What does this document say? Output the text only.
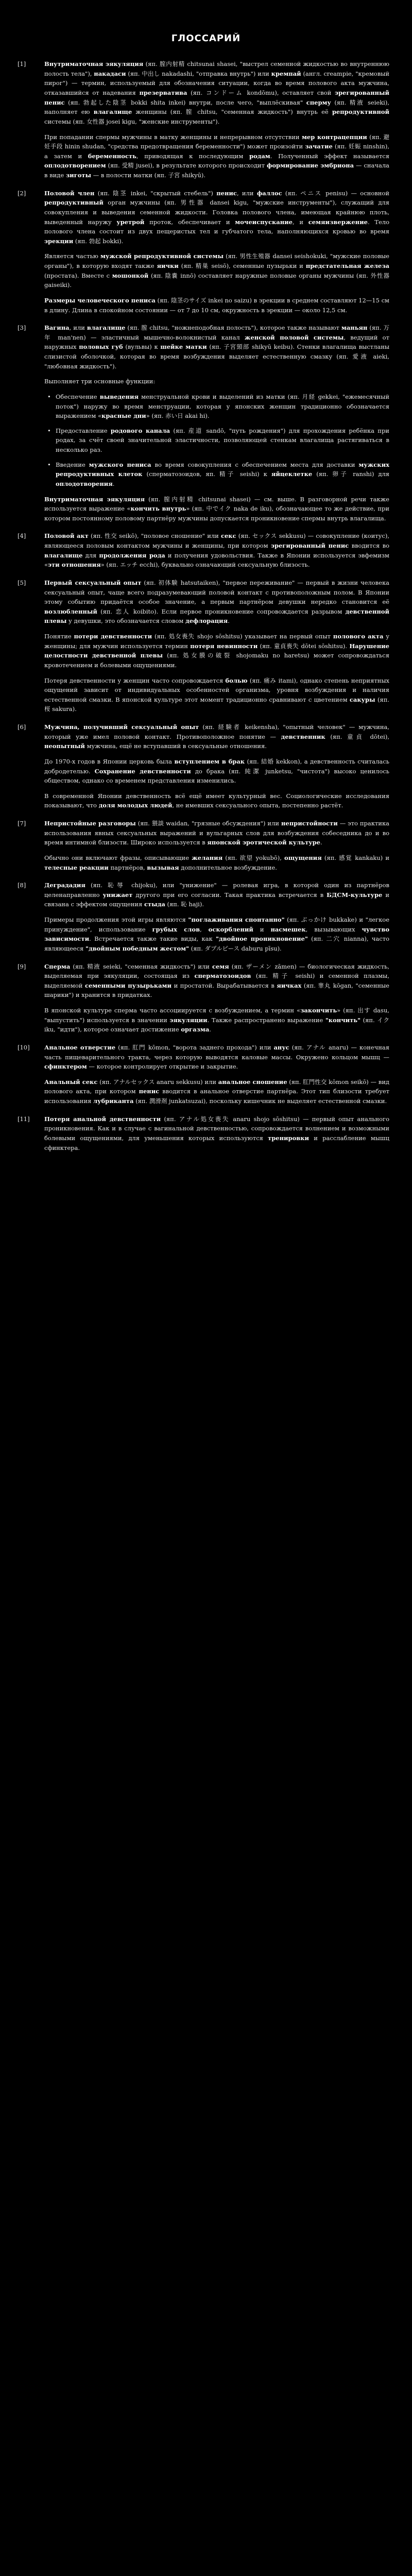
ГЛОССАРИЙ
[1]	Внутриматочная эякуляция (яп. 膣内射精 chitsunai shasei, "выстрел семенной жидкостью во внутреннюю полость тела"), накадаси (яп. 中出し nakadashi, "отправка внутрь") или кремпай (англ. creampie, "кремовый пирог") — термин, используемый для обозначения ситуации, когда во время полового акта мужчина, отказавшийся от надевания презерватива (яп. コンドーム kondōmu), оставляет свой эрегированный пенис (яп. 勃起した陰茎 bokki shita inkei) внутри, после чего, "выплёскивая" сперму (яп. 精液 seieki), наполняет ею влагалище женщины (яп. 膣 chitsu, "семенная жидкость") внутрь её репродуктивной системы (яп. 女性器 josei kigu, "женские инструменты").

При попадании спермы мужчины в матку женщины и непрерывном отсутствии мер контрацепции (яп. 避妊手段 hinin shudan, "средства предотвращения беременности") может произойти зачатие (яп. 妊娠 ninshin), а затем и беременность, приводящая к последующим родам. Полученный эффект называется оплодотворением (яп. 受精 jusei), в результате которого происходит формирование эмбриона — сначала в виде зиготы — в полости матки (яп. 子宮 shikyū).

[2]	Половой член (яп. 陰茎 inkei, "скрытый стебель") пенис, или фаллос (яп. ペニス penisu) — основной репродуктивный орган мужчины (яп. 男性器 dansei kigu, "мужские инструменты"), служащий для совокупления и выведения семенной жидкости. Головка полового члена, имеющая крайнюю плоть, выведенный наружу уретрой проток, обеспечивает и мочеиспускание, и семяизвержение. Тело полового члена состоит из двух пещеристых тел и губчатого тела, наполняющихся кровью во время эрекции (яп. 勃起 bokki).

Является частью мужской репродуктивной системы (яп. 男性生殖器 dansei seishokuki, "мужские половые органы"), в которую входят также яички (яп. 精巣 seisō), семенные пузырьки и предстательная железа (простата). Вместе с мошонкой (яп. 陰嚢 innō) составляет наружные половые органы мужчины (яп. 外性器 gaiseiki).

Размеры человеческого пениса (яп. 陰茎のサイズ inkei no saizu) в эрекции в среднем составляют 12—15 см в длину. Длина в спокойном состоянии — от 7 до 10 см, окружность в эрекции — около 12,5 см.

[3]	Вагина, или влагалище (яп. 膣 chitsu, "ножнеподобная полость"), которое также называют маньян (яп. 万年 man'nen) — эластичный мышечно-волокнистый канал женской половой системы, ведущий от наружных половых губ (вульвы) к шейке матки (яп. 子宮頸部 shikyū keibu). Стенки влагалища выстланы слизистой оболочкой, которая во время возбуждения выделяет естественную смазку (яп. 愛液 aieki, "любовная жидкость").

Выполняет три основные функции:

• Обеспечение выведения менструальной крови и выделений из матки (яп. 月経 gekkei, "ежемесячный поток") наружу во время менструации, которая у японских женщин традиционно обозначается выражением «красные дни» (яп. 赤い日 akai hi).
• Предоставление родового канала (яп. 産道 sandō, "путь рождения") для прохождения ребёнка при родах, за счёт своей значительной эластичности, позволяющей стенкам влагалища растягиваться в несколько раз.
• Введение мужского пениса во время совокупления с обеспечением места для доставки мужских репродуктивных клеток (сперматозоидов, яп. 精子 seishi) к яйцеклетке (яп. 卵子 ranshi) для оплодотворения.

Внутриматочная эякуляция (яп. 膣内射精 chitsunai shasei) — см. выше. В разговорной речи также используется выражение «кончить внутрь» (яп. 中でイク naka de iku), обозначающее то же действие, при котором постоянному половому партнёру мужчины допускается проникновение спермы внутрь влагалища.

[4]	Половой акт (яп. 性交 seikō), "половое сношение" или секс (яп. セックス sekkusu) — совокупление (коитус), являющееся половым контактом мужчины и женщины, при котором эрегированный пенис вводится во влагалище для продолжения рода и получения удовольствия. Также в Японии используется эвфемизм «эти отношения» (яп. エッチ ecchi), буквально означающий сексуальную близость.

[5]	Первый сексуальный опыт (яп. 初体験 hatsutaiken), "первое переживание" — первый в жизни человека сексуальный опыт, чаще всего подразумевающий половой контакт с противоположным полом. В Японии этому событию придаётся особое значение, а первым партнёром девушки нередко становится её возлюбленный (яп. 恋人 koibito). Если первое проникновение сопровождается разрывом девственной плевы у девушки, это обозначается словом дефлорация.

Понятие потери девственности (яп. 処女喪失 shojo sōshitsu) указывает на первый опыт полового акта у женщины; для мужчин используется термин потеря невинности (яп. 童貞喪失 dōtei sōshitsu). Нарушение целостности девственной плевы (яп. 処女膜の破裂 shojomaku no haretsu) может сопровождаться кровотечением и болевыми ощущениями.

Потеря девственности у женщин часто сопровождается болью (яп. 痛み itami), однако степень неприятных ощущений зависит от индивидуальных особенностей организма, уровня возбуждения и наличия естественной смазки. В японской культуре этот момент традиционно сравнивают с цветением сакуры (яп. 桜 sakura).

[6]	Мужчина, получивший сексуальный опыт (яп. 経験者 keikensha), "опытный человек" — мужчина, который уже имел половой контакт. Противоположное понятие — девственник (яп. 童貞 dōtei), неопытный мужчина, ещё не вступавший в сексуальные отношения.

До 1970-х годов в Японии церковь была вступлением в брак (яп. 結婚 kekkon), а девственность считалась добродетелью. Сохранение девственности до брака (яп. 純潔 junketsu, "чистота") высоко ценилось обществом, однако со временем представления изменились.

В современной Японии девственность всё ещё имеет культурный вес. Социологические исследования показывают, что доля молодых людей, не имевших сексуального опыта, постепенно растёт.

[7]	Непристойные разговоры (яп. 猥談 waidan, "грязные обсуждения") или непристойности — это практика использования явных сексуальных выражений и вульгарных слов для возбуждения собеседника до и во время интимной близости. Широко используется в японской эротической культуре.

Обычно они включают фразы, описывающие желания (яп. 欲望 yokubō), ощущения (яп. 感覚 kankaku) и телесные реакции партнёров, вызывая дополнительное возбуждение.

[8]	Деградадия (яп. 恥辱 chijoku), или "унижение" — ролевая игра, в которой один из партнёров целенаправленно унижает другого при его согласии. Такая практика встречается в БДСМ-культуре и связана с эффектом ощущения стыда (яп. 恥 haji).

Примеры продолжения этой игры являются "поглаживания спонтанно" (яп. ぶっかけ bukkake) и "легкое принуждение", использование грубых слов, оскорблений и насмешек, вызывающих чувство зависимости. Встречается также такие виды, как "двойное проникновение" (яп. 二穴 nianna), часто являющееся "двойным победным жестом" (яп. ダブルピース daburu pīsu).

[9]	Сперма (яп. 精液 seieki, "семенная жидкость") или семя (яп. ザーメン zāmen) — биологическая жидкость, выделяемая при эякуляции, состоящая из сперматозоидов (яп. 精子 seishi) и семенной плазмы, выделяемой семенными пузырьками и простатой. Вырабатывается в яичках (яп. 睾丸 kōgan, "семенные шарики") и хранится в придатках.

В японской культуре сперма часто ассоциируется с возбуждением, а термин «закончить» (яп. 出す dasu, "выпустить") используется в значении эякуляции. Также распространено выражение "кончить" (яп. イク iku, "идти"), которое означает достижение оргазма.

[10]	Анальное отверстие (яп. 肛門 kōmon, "ворота заднего прохода") или анус (яп. アナル anaru) — конечная часть пищеварительного тракта, через которую выводятся каловые массы. Окружено кольцом мышц — сфинктером — которое контролирует открытие и закрытие.

Анальный секс (яп. アナルセックス anaru sekkusu) или анальное сношение (яп. 肛門性交 kōmon seikō) — вид полового акта, при котором пенис вводится в анальное отверстие партнёра. Этот тип близости требует использования лубриканта (яп. 潤滑剤 junkatsuzai), поскольку кишечник не выделяет естественной смазки.

[11]	Потеря анальной девственности (яп. アナル処女喪失 anaru shojo sōshitsu) — первый опыт анального проникновения. Как и в случае с вагинальной девственностью, сопровождается волнением и возможными болевыми ощущениями, для уменьшения которых используются тренировки и расслабление мышц сфинктера.
